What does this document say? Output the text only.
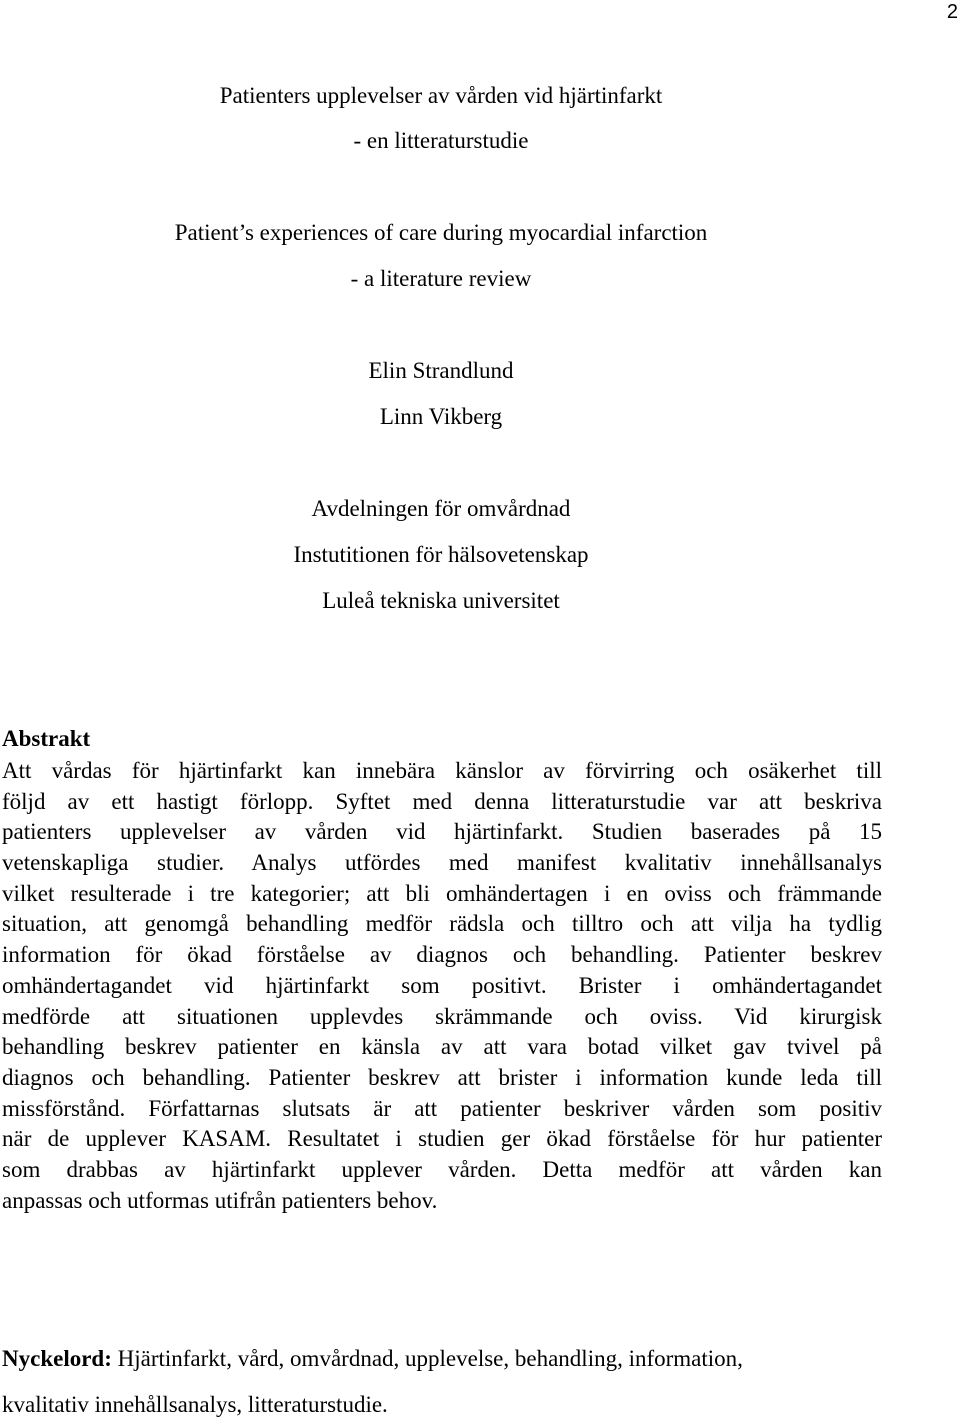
2
Patienters upplevelser av vården vid hjärtinfarkt
- en litteraturstudie
Patient’s experiences of care during myocardial infarction
- a literature review
Elin Strandlund
Linn Vikberg
Avdelningen för omvårdnad
Instutitionen för hälsovetenskap
Luleå tekniska universitet
Abstrakt
Att vårdas för hjärtinfarkt kan innebära känslor av förvirring och osäkerhet till
följd av ett hastigt förlopp. Syftet med denna litteraturstudie var att beskriva
patienters upplevelser av vården vid hjärtinfarkt. Studien baserades på 15
vetenskapliga studier. Analys utfördes med manifest kvalitativ innehållsanalys
vilket resulterade i tre kategorier; att bli omhändertagen i en oviss och främmande
situation, att genomgå behandling medför rädsla och tilltro och att vilja ha tydlig
information för ökad förståelse av diagnos och behandling. Patienter beskrev
omhändertagandet vid hjärtinfarkt som positivt. Brister i omhändertagandet
medförde att situationen upplevdes skrämmande och oviss. Vid kirurgisk
behandling beskrev patienter en känsla av att vara botad vilket gav tvivel på
diagnos och behandling. Patienter beskrev att brister i information kunde leda till
missförstånd. Författarnas slutsats är att patienter beskriver vården som positiv
när de upplever KASAM. Resultatet i studien ger ökad förståelse för hur patienter
som drabbas av hjärtinfarkt upplever vården. Detta medför att vården kan
anpassas och utformas utifrån patienters behov.
Nyckelord: Hjärtinfarkt, vård, omvårdnad, upplevelse, behandling, information,
kvalitativ innehållsanalys, litteraturstudie.
